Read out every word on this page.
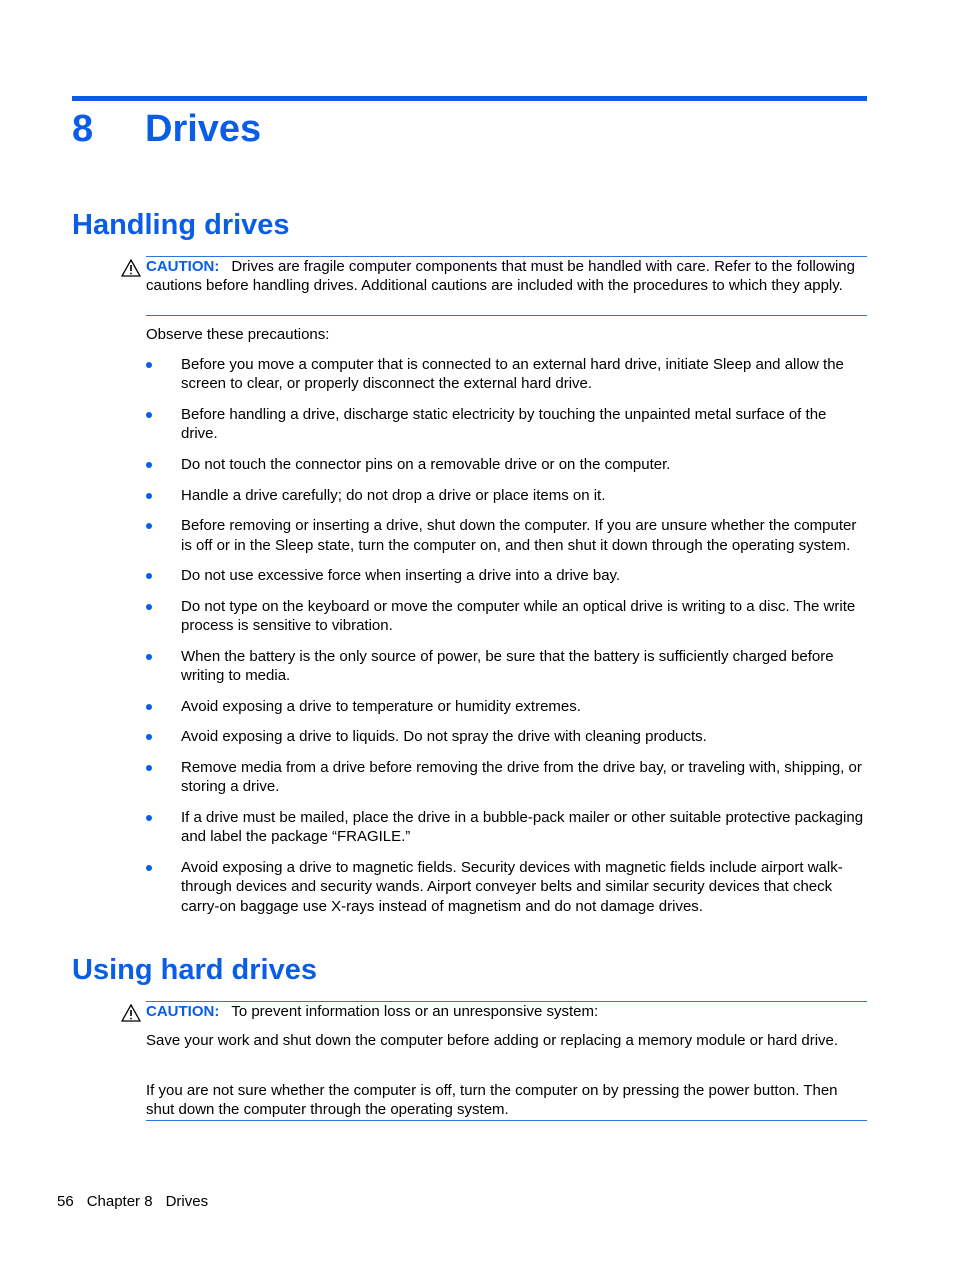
8 Drives
Handling drives
CAUTION: Drives are fragile computer components that must be handled with care. Refer to the following cautions before handling drives. Additional cautions are included with the procedures to which they apply.

Observe these precautions:

Before you move a computer that is connected to an external hard drive, initiate Sleep and allow the screen to clear, or properly disconnect the external hard drive.
Before handling a drive, discharge static electricity by touching the unpainted metal surface of the drive.
Do not touch the connector pins on a removable drive or on the computer.
Handle a drive carefully; do not drop a drive or place items on it.
Before removing or inserting a drive, shut down the computer. If you are unsure whether the computer is off or in the Sleep state, turn the computer on, and then shut it down through the operating system.
Do not use excessive force when inserting a drive into a drive bay.
Do not type on the keyboard or move the computer while an optical drive is writing to a disc. The write process is sensitive to vibration.
When the battery is the only source of power, be sure that the battery is sufficiently charged before writing to media.
Avoid exposing a drive to temperature or humidity extremes.
Avoid exposing a drive to liquids. Do not spray the drive with cleaning products.
Remove media from a drive before removing the drive from the drive bay, or traveling with, shipping, or storing a drive.
If a drive must be mailed, place the drive in a bubble-pack mailer or other suitable protective packaging and label the package “FRAGILE.”
Avoid exposing a drive to magnetic fields. Security devices with magnetic fields include airport walk-through devices and security wands. Airport conveyer belts and similar security devices that check carry-on baggage use X-rays instead of magnetism and do not damage drives.
Using hard drives
CAUTION: To prevent information loss or an unresponsive system:

Save your work and shut down the computer before adding or replacing a memory module or hard drive.

If you are not sure whether the computer is off, turn the computer on by pressing the power button. Then shut down the computer through the operating system.

56 Chapter 8 Drives
